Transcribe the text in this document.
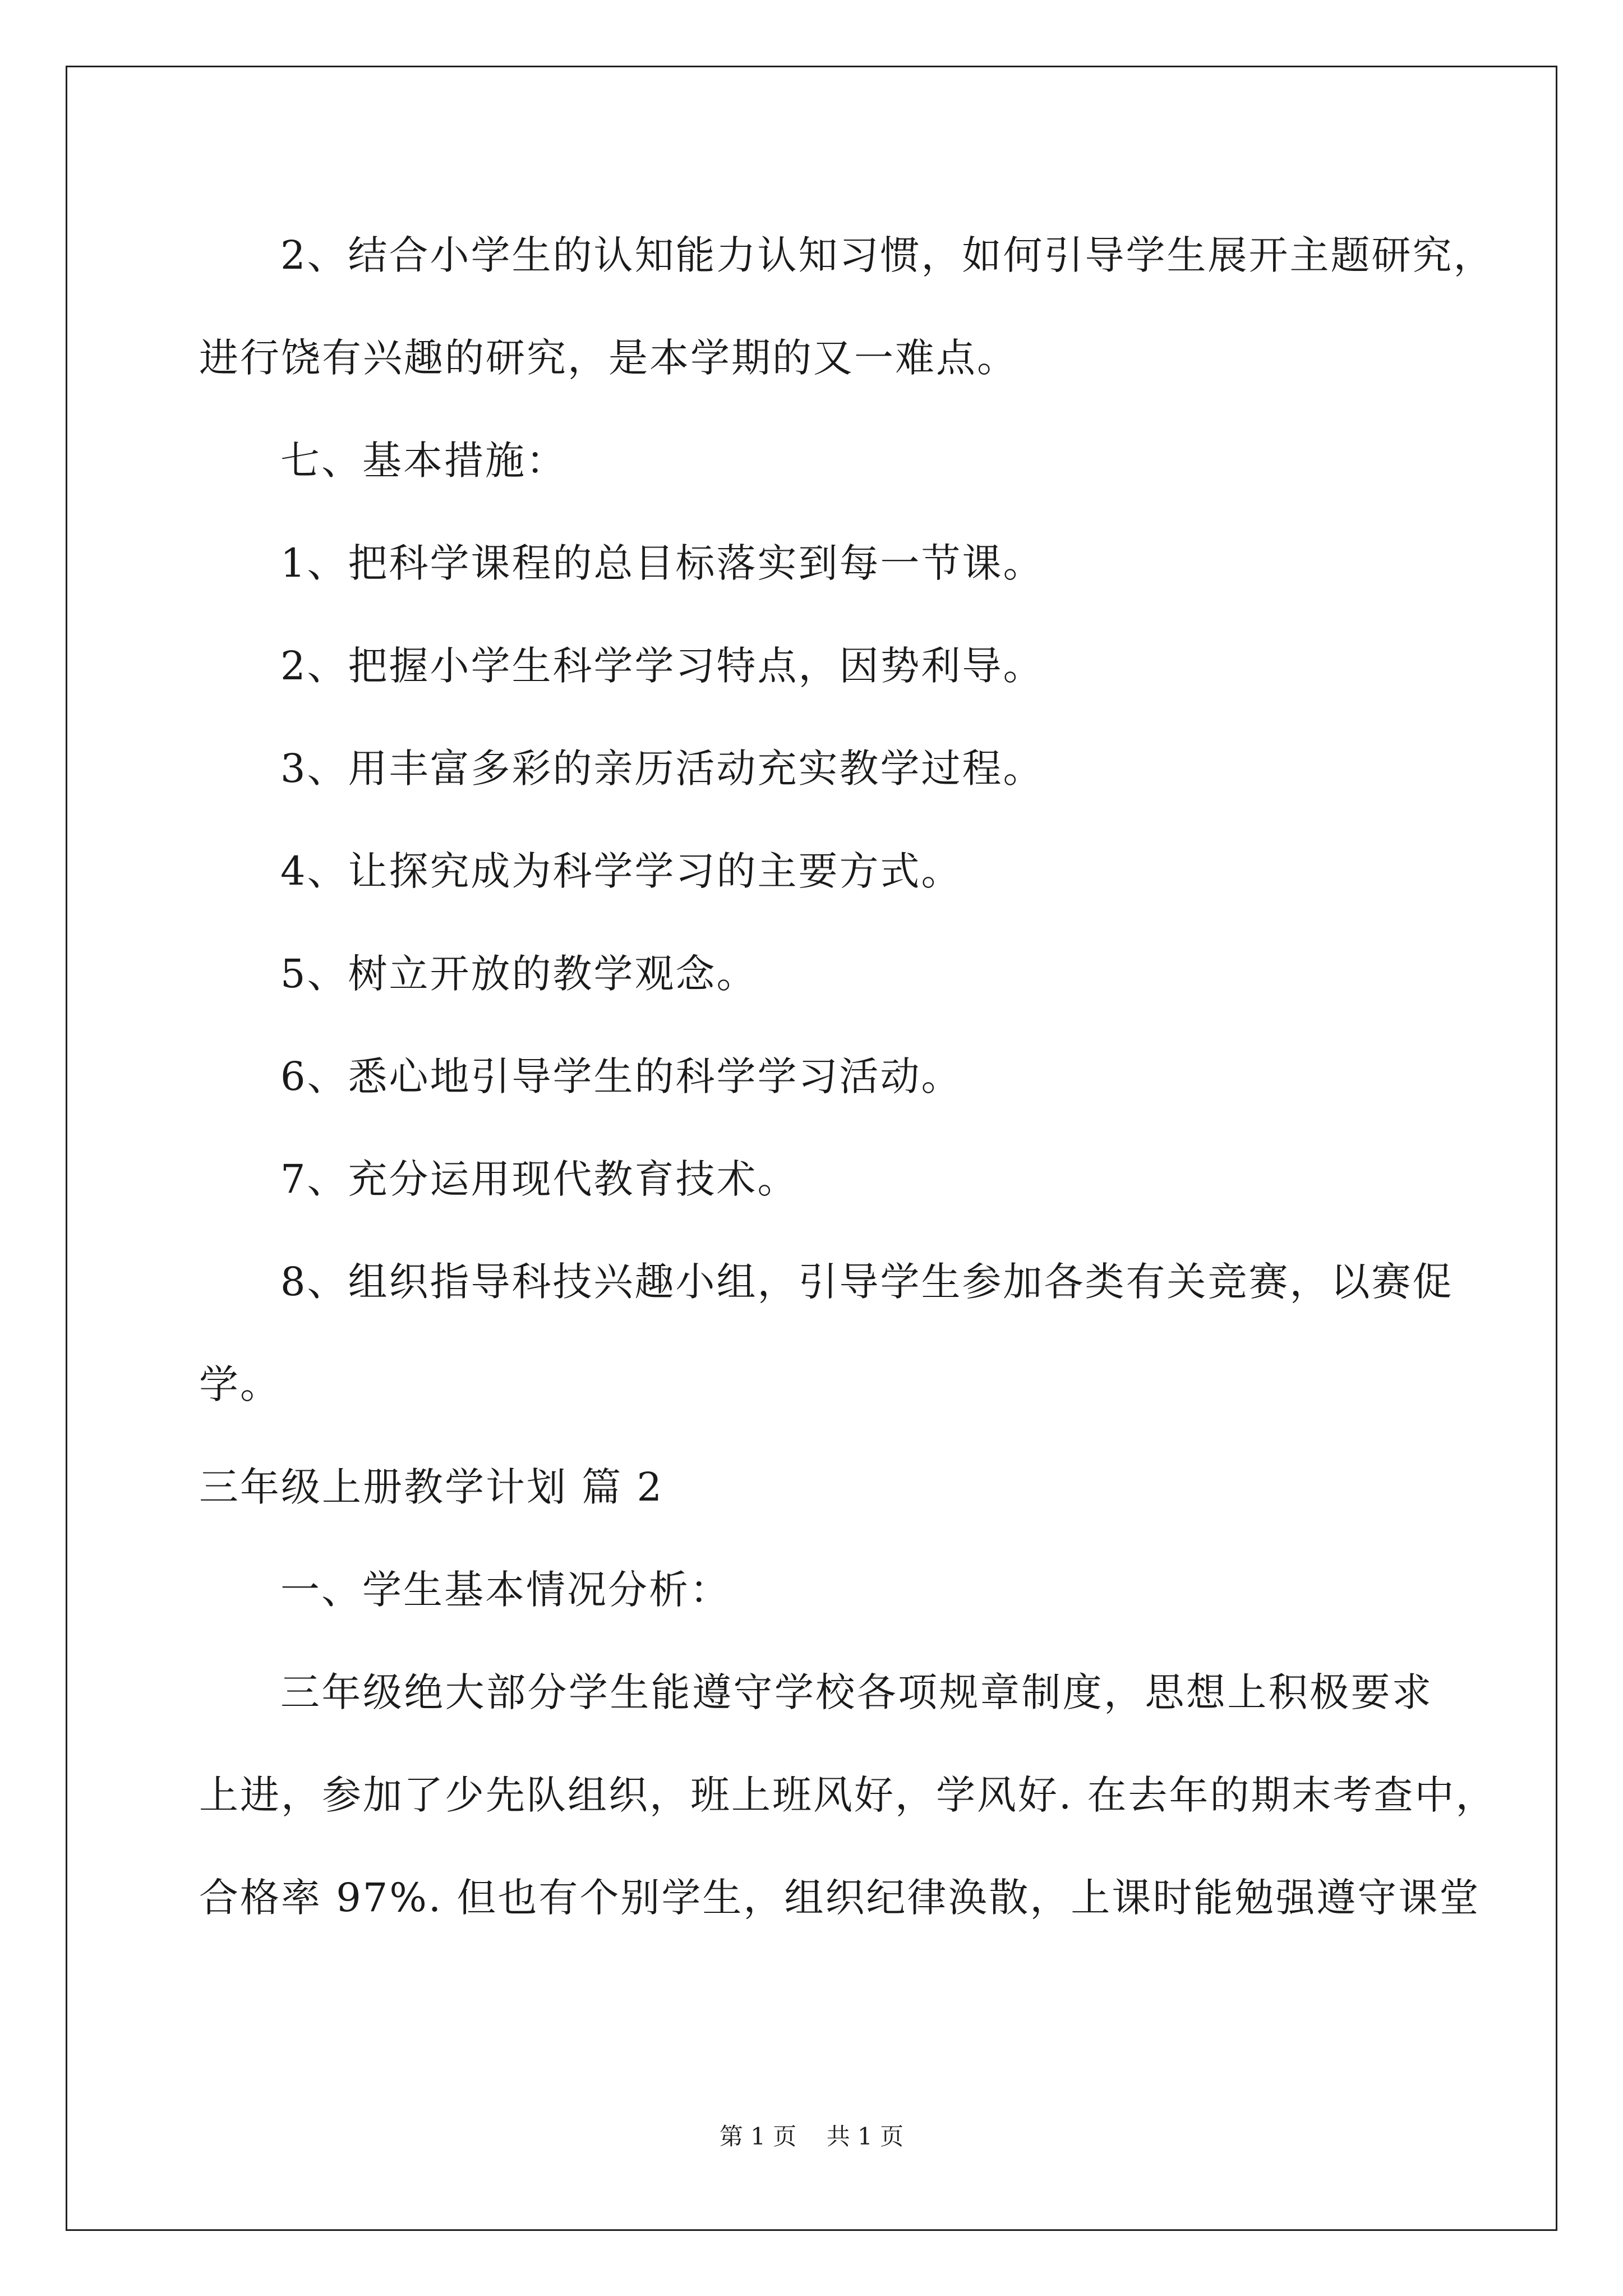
2、结合小学生的认知能力认知习惯，如何引导学生展开主题研究，
进行饶有兴趣的研究，是本学期的又一难点。
七、基本措施：
1、把科学课程的总目标落实到每一节课。
2、把握小学生科学学习特点，因势利导。
3、用丰富多彩的亲历活动充实教学过程。
4、让探究成为科学学习的主要方式。
5、树立开放的教学观念。
6、悉心地引导学生的科学学习活动。
7、充分运用现代教育技术。
8、组织指导科技兴趣小组，引导学生参加各类有关竞赛，以赛促
学。
三年级上册教学计划 篇 2
一、学生基本情况分析：
三年级绝大部分学生能遵守学校各项规章制度，思想上积极要求
上进，参加了少先队组织，班上班风好，学风好. 在去年的期末考查中，
合格率 97%. 但也有个别学生，组织纪律涣散，上课时能勉强遵守课堂
第 1 页    共 1 页
